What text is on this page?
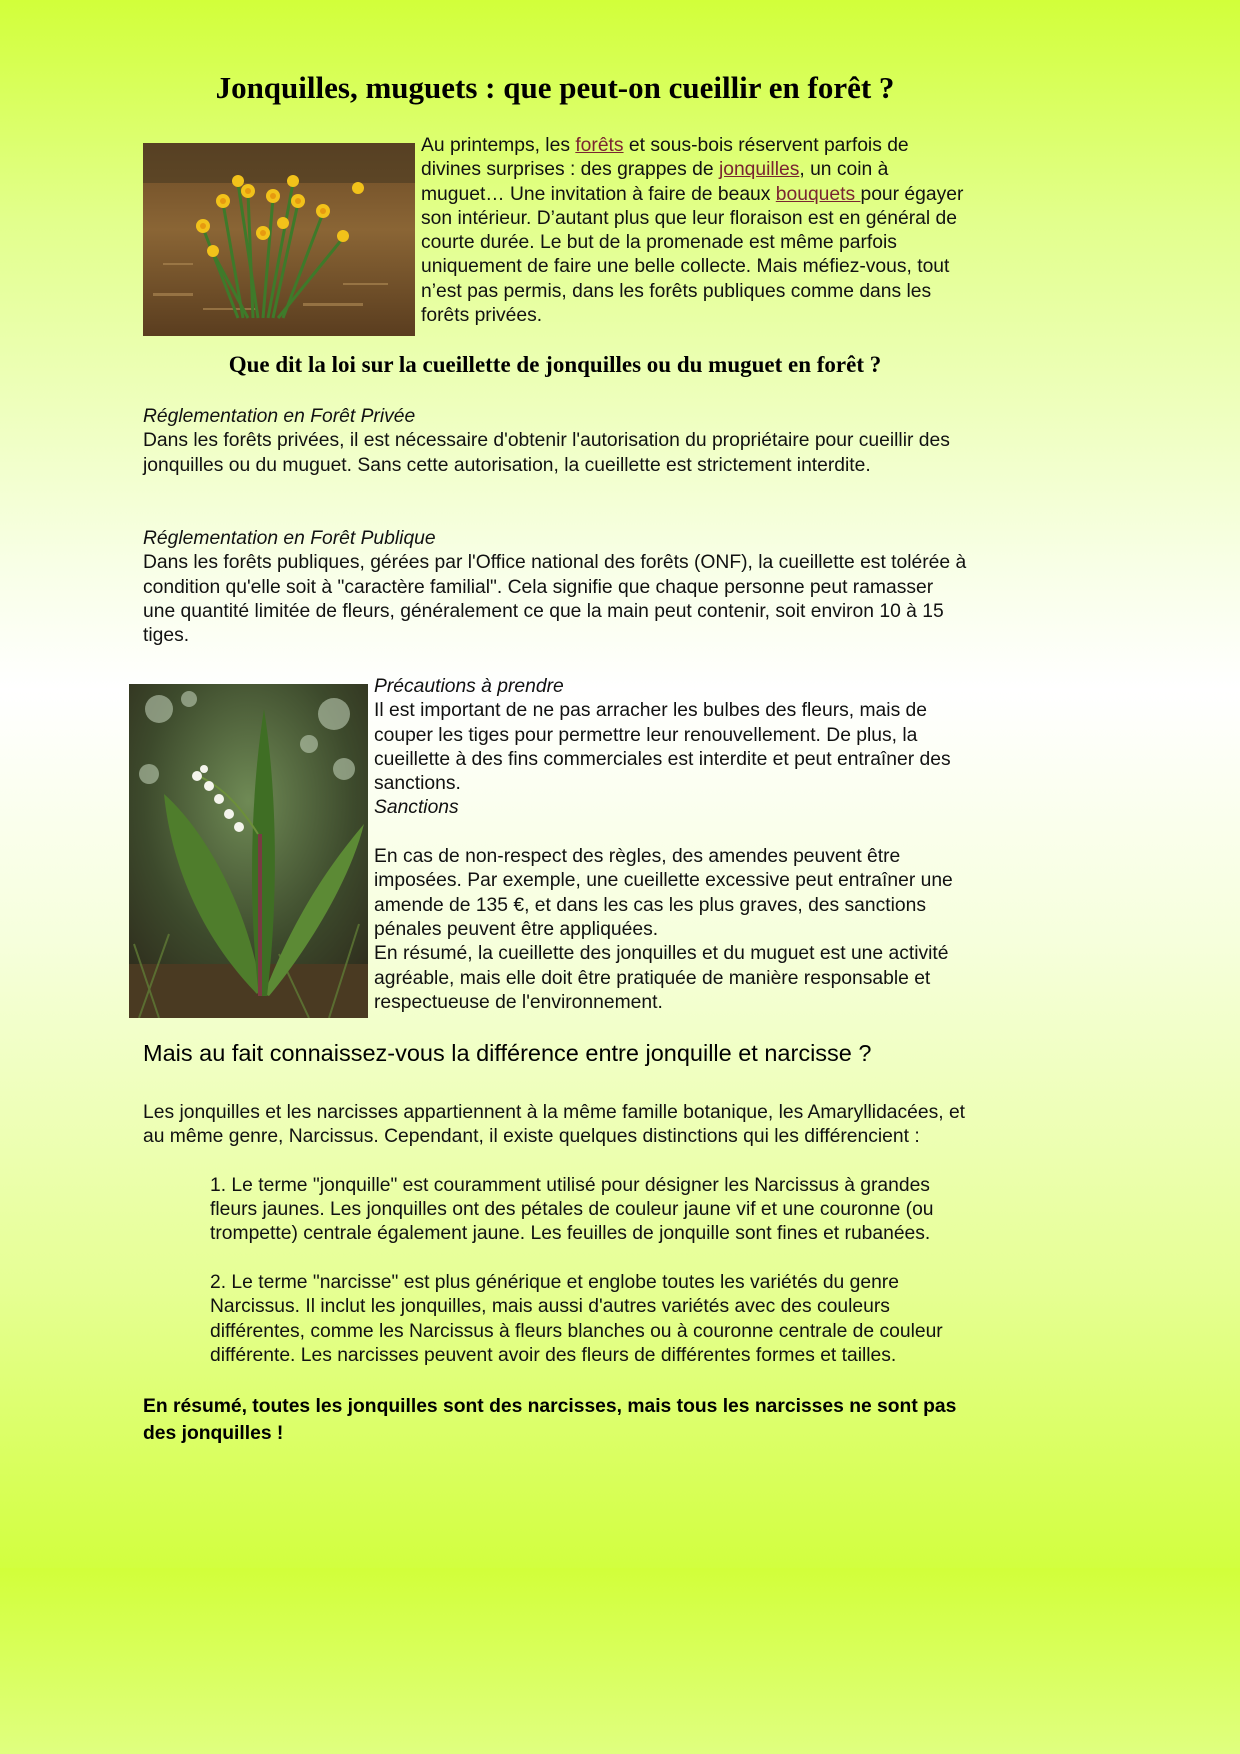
Jonquilles, muguets : que peut-on cueillir en forêt ?
Au printemps, les forêts et sous-bois réservent parfois de divines surprises : des grappes de jonquilles, un coin à muguet… Une invitation à faire de beaux bouquets pour égayer son intérieur. D’autant plus que leur floraison est en général de courte durée. Le but de la promenade est même parfois uniquement de faire une belle collecte. Mais méfiez-vous, tout n’est pas permis, dans les forêts publiques comme dans les forêts privées.
Que dit la loi sur la cueillette de jonquilles ou du muguet en forêt ?

Réglementation en Forêt Privée

Dans les forêts privées, il est nécessaire d'obtenir l'autorisation du propriétaire pour cueillir des jonquilles ou du muguet. Sans cette autorisation, la cueillette est strictement interdite.

Réglementation en Forêt Publique

Dans les forêts publiques, gérées par l'Office national des forêts (ONF), la cueillette est tolérée à condition qu'elle soit à "caractère familial". Cela signifie que chaque personne peut ramasser une quantité limitée de fleurs, généralement ce que la main peut contenir, soit environ 10 à 15 tiges.

Précautions à prendre

Il est important de ne pas arracher les bulbes des fleurs, mais de couper les tiges pour permettre leur renouvellement. De plus, la cueillette à des fins commerciales est interdite et peut entraîner des sanctions.

Sanctions

En cas de non-respect des règles, des amendes peuvent être imposées. Par exemple, une cueillette excessive peut entraîner une amende de 135 €, et dans les cas les plus graves, des sanctions pénales peuvent être appliquées.

En résumé, la cueillette des jonquilles et du muguet est une activité agréable, mais elle doit être pratiquée de manière responsable et respectueuse de l'environnement.

Mais au fait connaissez-vous la différence entre jonquille et narcisse ?

Les jonquilles et les narcisses appartiennent à la même famille botanique, les Amaryllidacées, et au même genre, Narcissus. Cependant, il existe quelques distinctions qui les différencient :

1. Le terme "jonquille" est couramment utilisé pour désigner les Narcissus à grandes fleurs jaunes. Les jonquilles ont des pétales de couleur jaune vif et une couronne (ou trompette) centrale également jaune. Les feuilles de jonquille sont fines et rubanées.

2. Le terme "narcisse" est plus générique et englobe toutes les variétés du genre Narcissus. Il inclut les jonquilles, mais aussi d'autres variétés avec des couleurs différentes, comme les Narcissus à fleurs blanches ou à couronne centrale de couleur différente. Les narcisses peuvent avoir des fleurs de différentes formes et tailles.

En résumé, toutes les jonquilles sont des narcisses, mais tous les narcisses ne sont pas des jonquilles !
